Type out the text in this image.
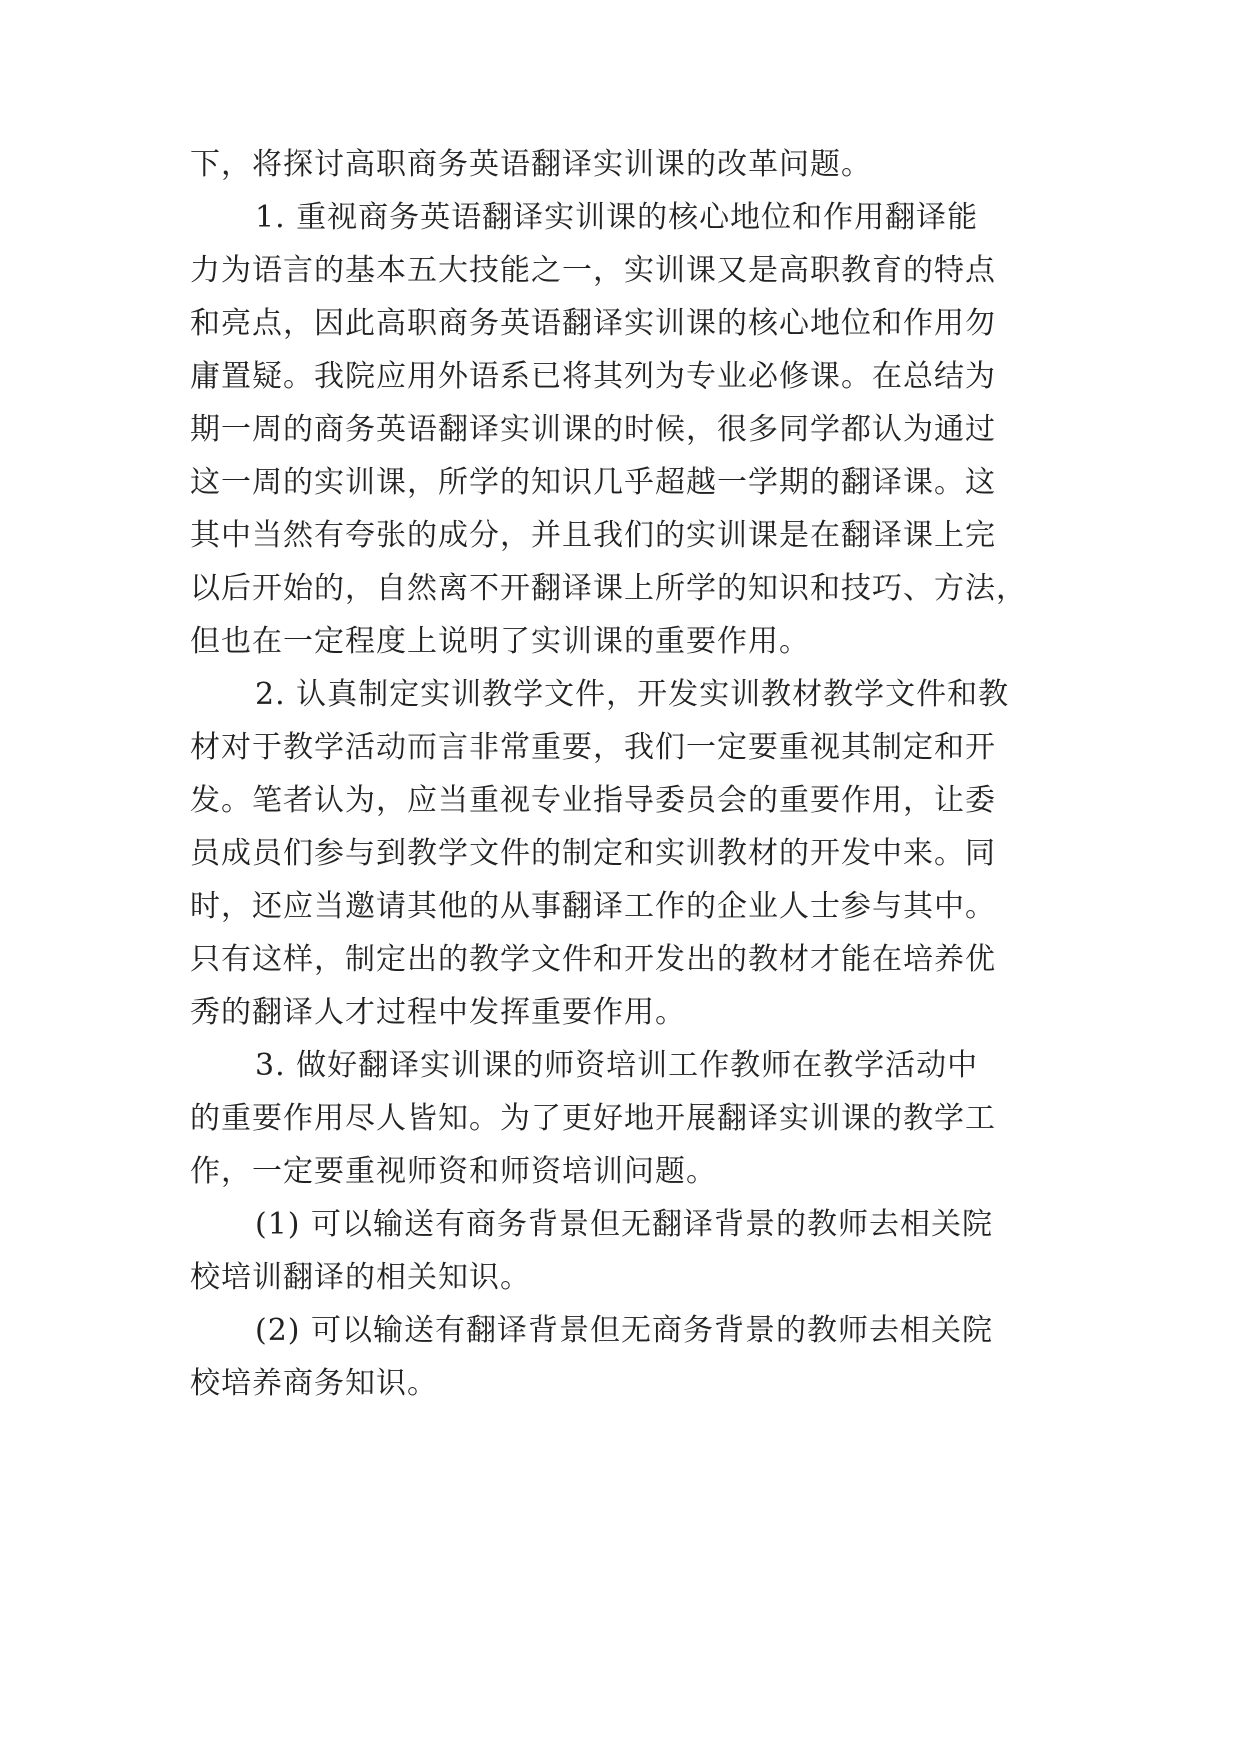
下，将探讨高职商务英语翻译实训课的改革问题。
1. 重视商务英语翻译实训课的核心地位和作用翻译能
力为语言的基本五大技能之一，实训课又是高职教育的特点
和亮点，因此高职商务英语翻译实训课的核心地位和作用勿
庸置疑。我院应用外语系已将其列为专业必修课。在总结为
期一周的商务英语翻译实训课的时候，很多同学都认为通过
这一周的实训课，所学的知识几乎超越一学期的翻译课。这
其中当然有夸张的成分，并且我们的实训课是在翻译课上完
以后开始的，自然离不开翻译课上所学的知识和技巧、方法，
但也在一定程度上说明了实训课的重要作用。
2. 认真制定实训教学文件，开发实训教材教学文件和教
材对于教学活动而言非常重要，我们一定要重视其制定和开
发。笔者认为，应当重视专业指导委员会的重要作用，让委
员成员们参与到教学文件的制定和实训教材的开发中来。同
时，还应当邀请其他的从事翻译工作的企业人士参与其中。
只有这样，制定出的教学文件和开发出的教材才能在培养优
秀的翻译人才过程中发挥重要作用。
3. 做好翻译实训课的师资培训工作教师在教学活动中
的重要作用尽人皆知。为了更好地开展翻译实训课的教学工
作，一定要重视师资和师资培训问题。
(1) 可以输送有商务背景但无翻译背景的教师去相关院
校培训翻译的相关知识。
(2) 可以输送有翻译背景但无商务背景的教师去相关院
校培养商务知识。
